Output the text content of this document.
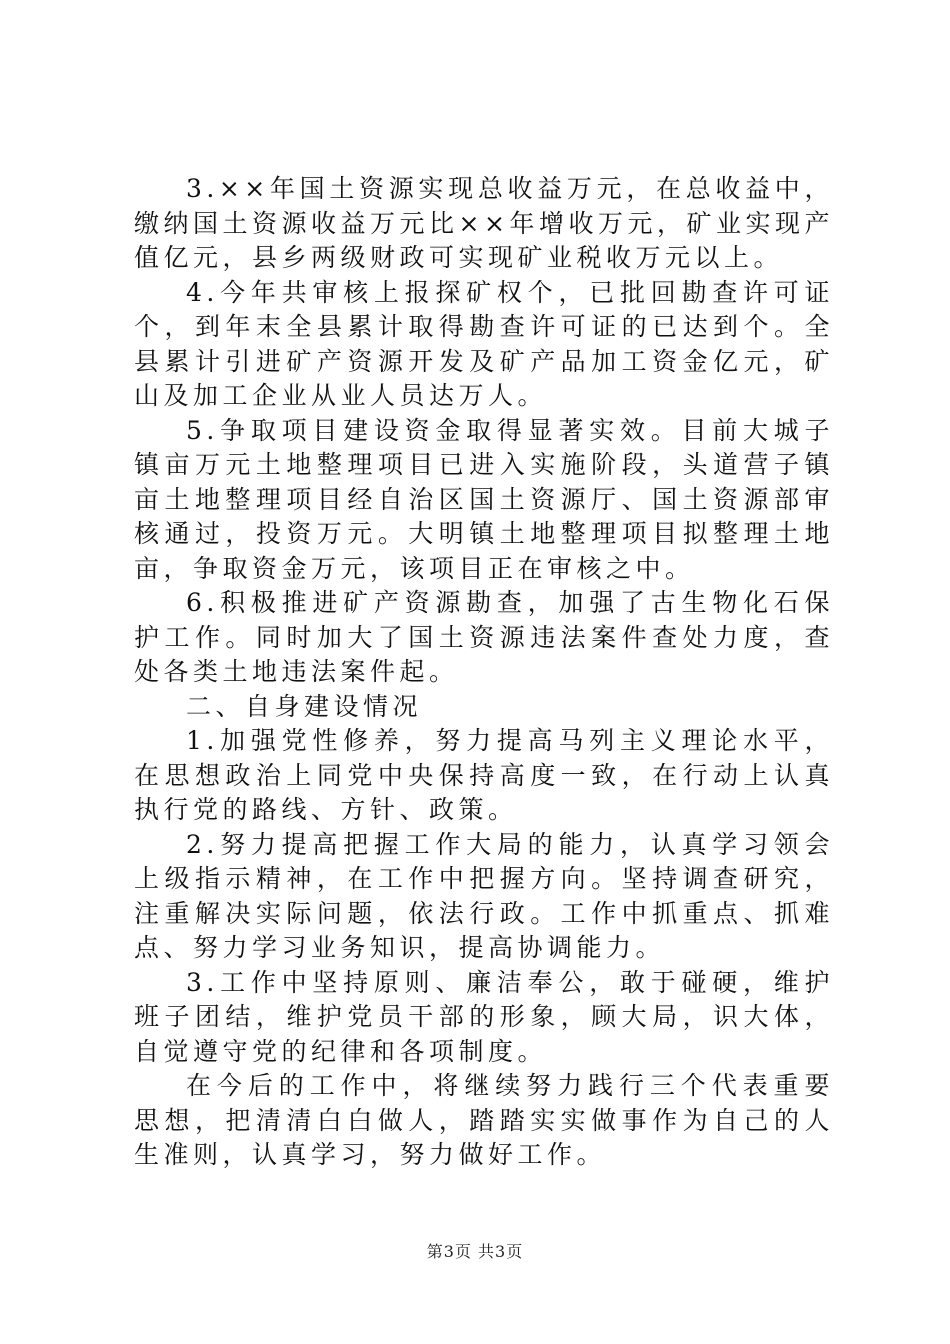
3.××年国土资源实现总收益万元，在总收益中，缴纳国土资源收益万元比××年增收万元，矿业实现产值亿元，县乡两级财政可实现矿业税收万元以上。

4.今年共审核上报探矿权个，已批回勘查许可证个，到年末全县累计取得勘查许可证的已达到个。全县累计引进矿产资源开发及矿产品加工资金亿元，矿山及加工企业从业人员达万人。

5.争取项目建设资金取得显著实效。目前大城子镇亩万元土地整理项目已进入实施阶段，头道营子镇亩土地整理项目经自治区国土资源厅、国土资源部审核通过，投资万元。大明镇土地整理项目拟整理土地亩，争取资金万元，该项目正在审核之中。

6.积极推进矿产资源勘查，加强了古生物化石保护工作。同时加大了国土资源违法案件查处力度，查处各类土地违法案件起。

二、自身建设情况

1.加强党性修养，努力提高马列主义理论水平，在思想政治上同党中央保持高度一致，在行动上认真执行党的路线、方针、政策。

2.努力提高把握工作大局的能力，认真学习领会上级指示精神，在工作中把握方向。坚持调查研究，注重解决实际问题，依法行政。工作中抓重点、抓难点、努力学习业务知识，提高协调能力。

3.工作中坚持原则、廉洁奉公，敢于碰硬，维护班子团结，维护党员干部的形象，顾大局，识大体，自觉遵守党的纪律和各项制度。

在今后的工作中，将继续努力践行三个代表重要思想，把清清白白做人，踏踏实实做事作为自己的人生准则，认真学习，努力做好工作。

第3页 共3页
